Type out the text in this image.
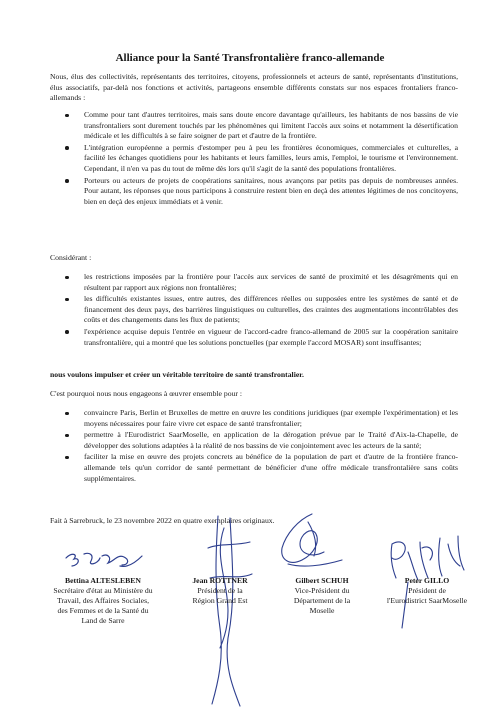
Alliance pour la Santé Transfrontalière franco-allemande

Nous, élus des collectivités, représentants des territoires, citoyens, professionnels et acteurs de santé, représentants d'institutions, élus associatifs, par-delà nos fonctions et activités, partageons ensemble différents constats sur nos espaces frontaliers franco-allemands :

Comme pour tant d'autres territoires, mais sans doute encore davantage qu'ailleurs, les habitants de nos bassins de vie transfrontaliers sont durement touchés par les phénomènes qui limitent l'accès aux soins et notamment la désertification médicale et les difficultés à se faire soigner de part et d'autre de la frontière.
L'intégration européenne a permis d'estomper peu à peu les frontières économiques, commerciales et culturelles, a facilité les échanges quotidiens pour les habitants et leurs familles, leurs amis, l'emploi, le tourisme et l'environnement. Cependant, il n'en va pas du tout de même dès lors qu'il s'agit de la santé des populations frontalières.
Porteurs ou acteurs de projets de coopérations sanitaires, nous avançons par petits pas depuis de nombreuses années. Pour autant, les réponses que nous participons à construire restent bien en deçà des attentes légitimes de nos concitoyens, bien en deçà des enjeux immédiats et à venir.

Considérant :

les restrictions imposées par la frontière pour l'accès aux services de santé de proximité et les désagréments qui en résultent par rapport aux régions non frontalières;
les difficultés existantes issues, entre autres, des différences réelles ou supposées entre les systèmes de santé et de financement des deux pays, des barrières linguistiques ou culturelles, des craintes des augmentations incontrôlables des coûts et des changements dans les flux de patients;
l'expérience acquise depuis l'entrée en vigueur de l'accord-cadre franco-allemand de 2005 sur la coopération sanitaire transfrontalière, qui a montré que les solutions ponctuelles (par exemple l'accord MOSAR) sont insuffisantes;

nous voulons impulser et créer un véritable territoire de santé transfrontalier.

C'est pourquoi nous nous engageons à œuvrer ensemble pour :

convaincre Paris, Berlin et Bruxelles de mettre en œuvre les conditions juridiques (par exemple l'expérimentation) et les moyens nécessaires pour faire vivre cet espace de santé transfrontalier;
permettre à l'Eurodistrict SaarMoselle, en application de la dérogation prévue par le Traité d'Aix-la-Chapelle, de développer des solutions adaptées à la réalité de nos bassins de vie conjointement avec les acteurs de la santé;
faciliter la mise en œuvre des projets concrets au bénéfice de la population de part et d'autre de la frontière franco-allemande tels qu'un corridor de santé permettant de bénéficier d'une offre médicale transfrontalière sans coûts supplémentaires.

Fait à Sarrebruck, le 23 novembre 2022 en quatre exemplaires originaux.

Bettina ALTESLEBEN
Secrétaire d'état au Ministère du
Travail, des Affaires Sociales,
des Femmes et de la Santé du
Land de Sarre
Jean ROTTNER
Président de la
Région Grand Est
Gilbert SCHUH
Vice-Président du
Département de la
Moselle
Peter GILLO
Président de
l'Eurodistrict SaarMoselle
